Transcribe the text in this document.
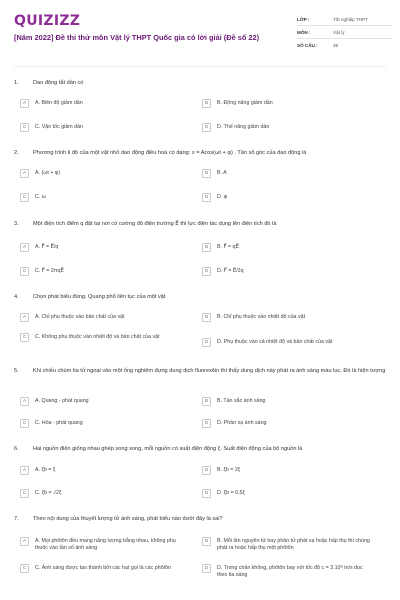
QUIZIZZ
[Năm 2022] Đề thi thử môn Vật lý THPT Quốc gia có lời giải (Đề số 22)
LỚP :	Tốt nghiệp THPT
MÔN :	Vật lý
SỐ CÂU :	39
1.	Dao động tắt dần có
A	A. Biên độ giảm dần	B	B. Động năng giảm dần
C	C. Vận tốc giảm dần	D	D. Thế năng giảm dần
2.	Phương trình li độ của một vật nhỏ dao động điều hoà có dạng: x = Acos(ωt + φ) . Tần số góc của dao động là
A	A. (ωt + φ)	B	B. A
C	C. ω	D	D. φ
3.	Một điện tích điểm q đặt tại nơi có cường độ điện trường E⃗ thì lực điện tác dụng lên điện tích đó là
A	A. F⃗ = E⃗/q	B	B. F⃗ = qE⃗
C	C. F⃗ = 2πqE⃗	D	D. F⃗ = E⃗/2q
4.	Chọn phát biểu đúng. Quang phổ liên tục của một vật
A	A. Chỉ phụ thuộc vào bản chất của vật	B	B. Chỉ phụ thuộc vào nhiệt độ của vật
C	C. Không phụ thuộc vào nhiệt độ và bản chất của vật
D	D. Phụ thuộc vào cả nhiệt độ và bản chất của vật
5.	Khi chiếu chùm tia tử ngoại vào một ống nghiệm đựng dung dịch fluorexêin thì thấy dung dịch này phát ra ánh sáng màu lục. Đó là hiện tượng
A	A. Quang - phát quang	B	B. Tán sắc ánh sáng
C	C. Hóa - phát quang	D	D. Phản xạ ánh sáng
6.	Hai nguồn điện giống nhau ghép song song, mỗi nguồn có suất điện động ξ. Suất điện động của bộ nguồn là
A	A. ξb = ξ	B	B. ξb = 2ξ
C	C. ξb = √2ξ	D	D. ξb = 0,5ξ
7.	Theo nội dung của thuyết lượng tử ánh sáng, phát biểu nào dưới đây là sai?
A	A. Mọi phôtôn đều mang năng lượng bằng nhau, không phụ thuộc vào tần số ánh sáng
B	B. Mỗi lần nguyên tử hay phân tử phát xạ hoặc hấp thụ thì chúng phát ra hoặc hấp thụ một phôtôn
C	C. Ánh sáng được tạo thành bởi các hạt gọi là các phôtôn	D	D. Trong chân không, phôtôn bay với tốc độ c = 3.10⁸ m/s dọc theo tia sáng
